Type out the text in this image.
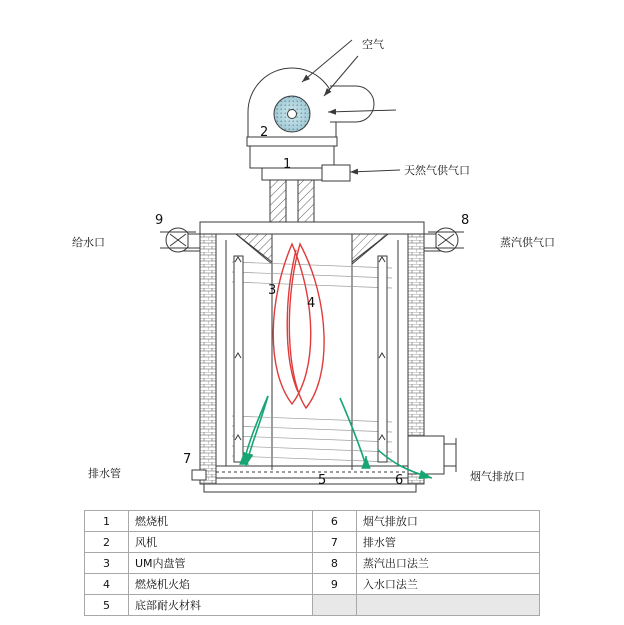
空气
天然气供气口
给水口	蒸汽供气口
排水管	烟气排放口
1
2
3
4
5	6
7
8
9
1	燃烧机	6	烟气排放口
2	风机	7	排水管
3	UM内盘管	8	蒸汽出口法兰
4	燃烧机火焰	9	入水口法兰
5	底部耐火材料		
